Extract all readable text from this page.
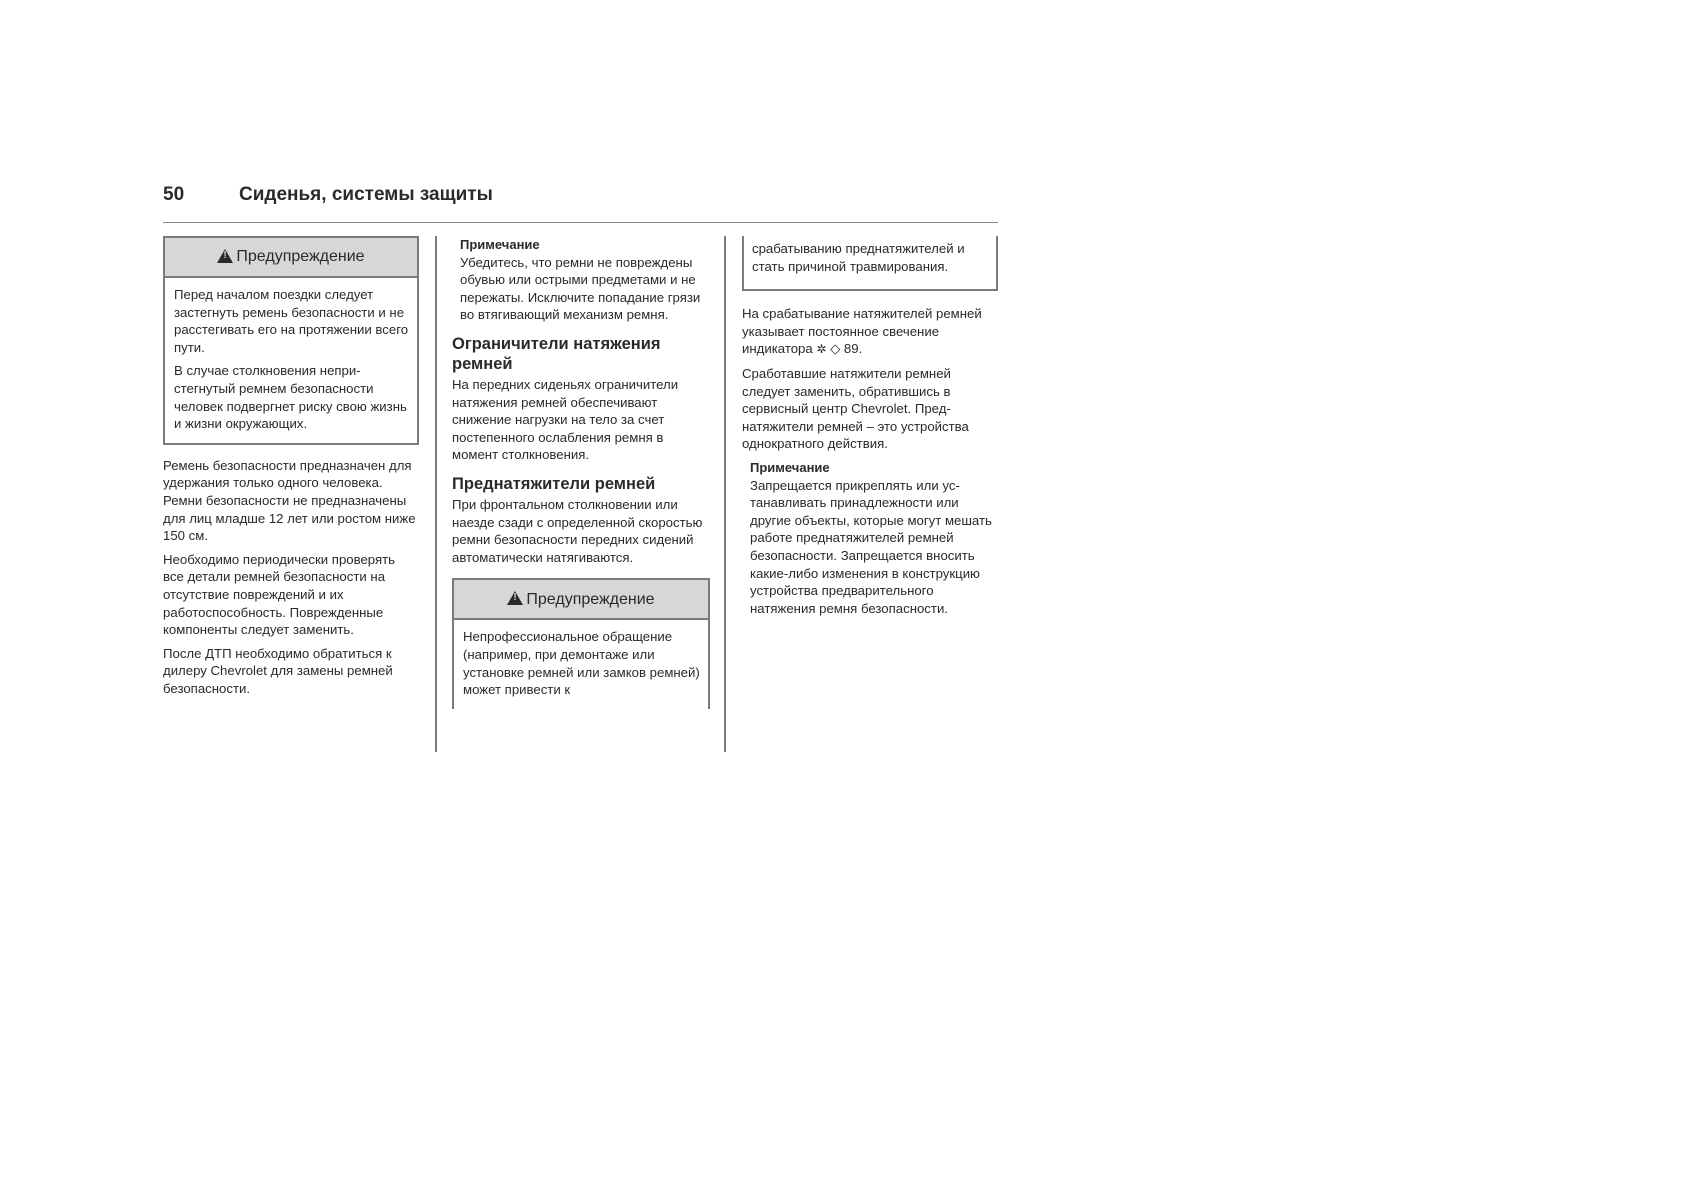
50	Сиденья, системы защиты
!
Предупреждение

Перед началом поездки следует застегнуть ремень безопасности и не расстегивать его на протяжении всего пути.

В случае столкновения непристегнутый ремнем безопасности человек подвергнет риску свою жизнь и жизни окружающих.

Ремень безопасности предназначен для удержания только одного человека. Ремни безопасности не предназначены для лиц младше 12 лет или ростом ниже 150 см.

Необходимо периодически проверять все детали ремней безопасности на отсутствие повреждений и их работоспособность. Поврежденные компоненты следует заменить.

После ДТП необходимо обратиться к дилеру Chevrolet для замены ремней безопасности.

Примечание
Убедитесь, что ремни не повреждены обувью или острыми предметами и не пережаты. Исключите попадание грязи во втягивающий механизм ремня.
Ограничители натяжения ремней

На передних сиденьях ограничители натяжения ремней обеспечивают снижение нагрузки на тело за счет постепенного ослабления ремня в момент столкновения.

Преднатяжители ремней

При фронтальном столкновении или наезде сзади с определенной скоростью ремни безопасности передних сидений автоматически натягиваются.

!
Предупреждение

Непрофессиональное обращение (например, при демонтаже или установке ремней или замков ремней) может привести к

срабатыванию преднатяжителей и стать причиной травмирования.

На срабатывание натяжителей ремней указывает постоянное свечение индикатора ✲ ◇ 89.

Сработавшие натяжители ремней следует заменить, обратившись в сервисный центр Chevrolet. Преднатяжители ремней – это устройства однократного действия.

Примечание
Запрещается прикреплять или устанавливать принадлежности или другие объекты, которые могут мешать работе преднатяжителей ремней безопасности. Запрещается вносить какие-либо изменения в конструкцию устройства предварительного натяжения ремня безопасности.
